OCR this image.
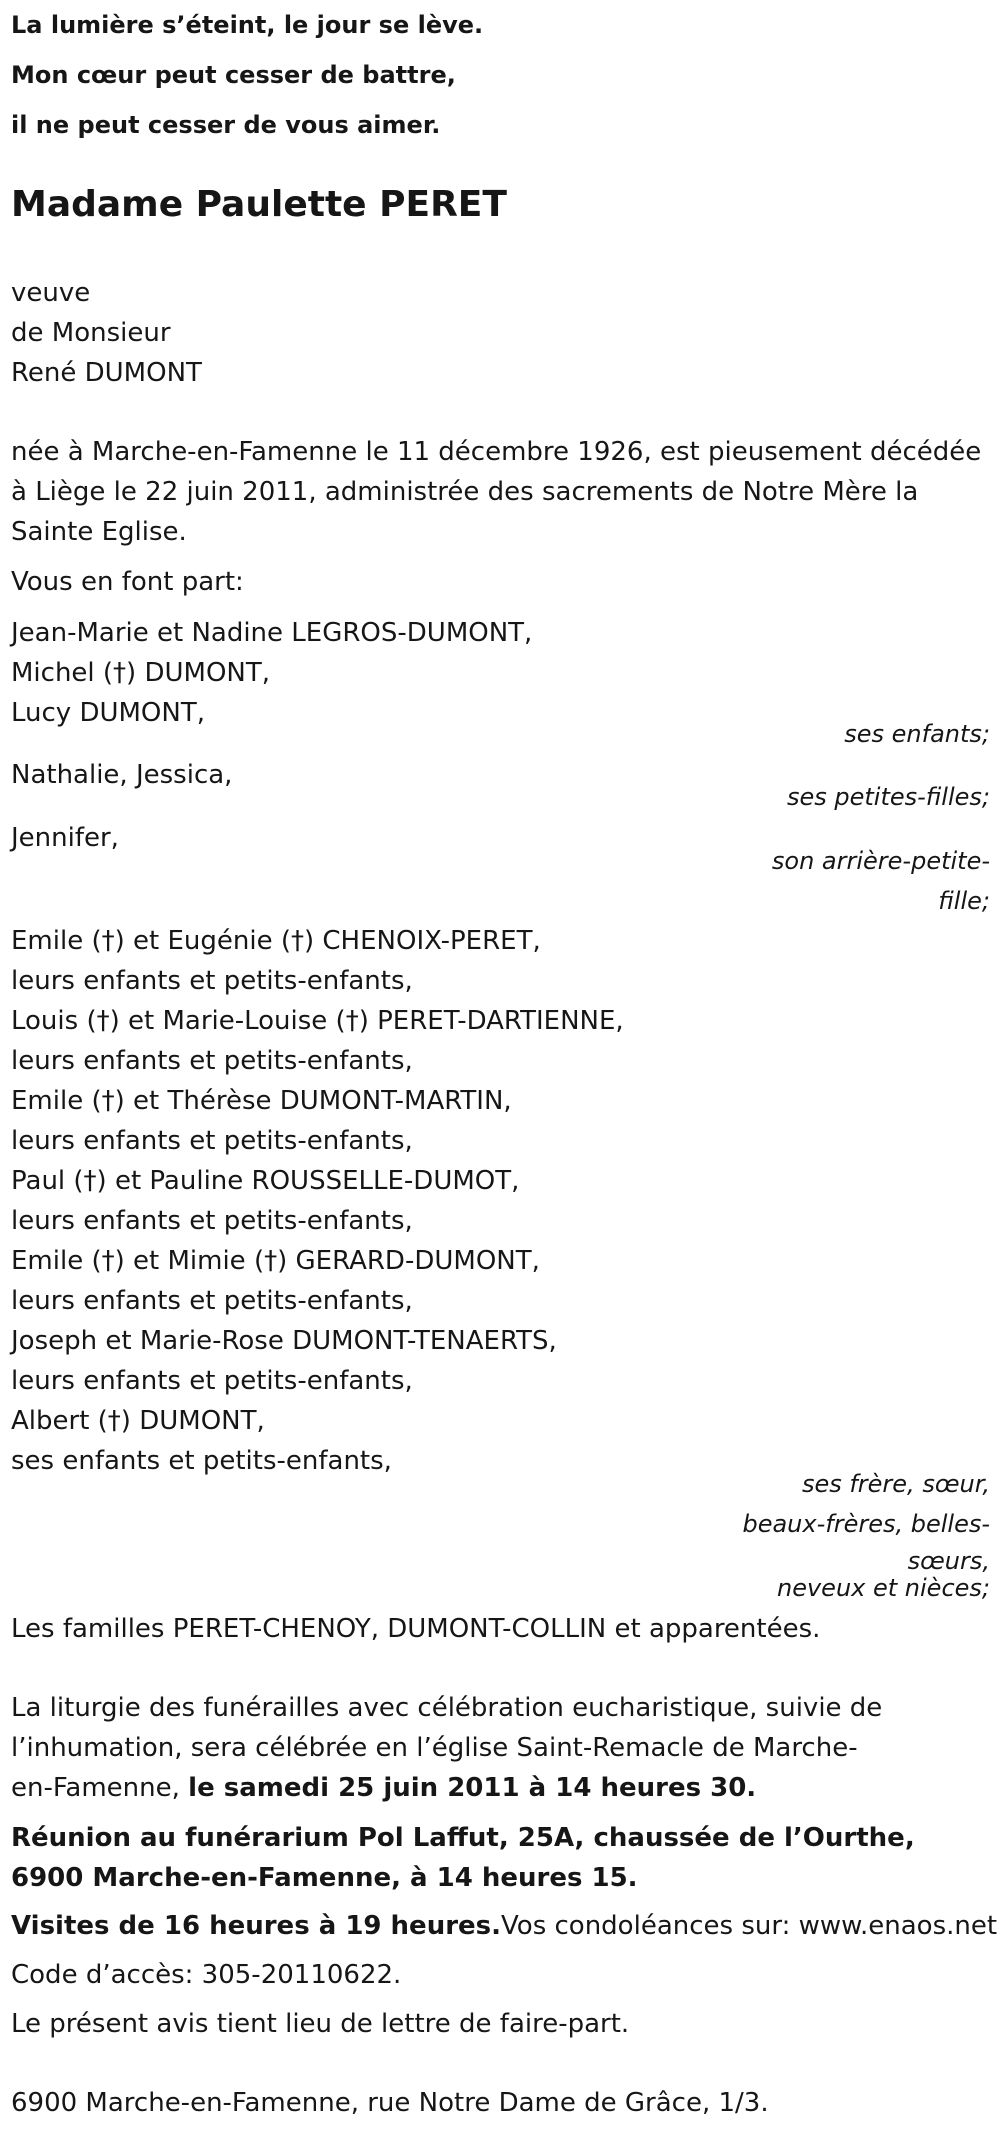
La lumière s’éteint, le jour se lève.
Mon cœur peut cesser de battre,
il ne peut cesser de vous aimer.
Madame Paulette PERET
veuve
de Monsieur
René DUMONT
née à Marche-en-Famenne le 11 décembre 1926, est pieusement décédée à Liège le 22 juin 2011, administrée des sacrements de Notre Mère la Sainte Eglise.
Vous en font part:
Jean-Marie et Nadine LEGROS-DUMONT,
Michel (†) DUMONT,
Lucy DUMONT,
ses enfants;
Nathalie, Jessica,
ses petites-filles;
Jennifer,
son arrière-petite-
fille;
Emile (†) et Eugénie (†) CHENOIX-PERET,
leurs enfants et petits-enfants,
Louis (†) et Marie-Louise (†) PERET-DARTIENNE,
leurs enfants et petits-enfants,
Emile (†) et Thérèse DUMONT-MARTIN,
leurs enfants et petits-enfants,
Paul (†) et Pauline ROUSSELLE-DUMOT,
leurs enfants et petits-enfants,
Emile (†) et Mimie (†) GERARD-DUMONT,
leurs enfants et petits-enfants,
Joseph et Marie-Rose DUMONT-TENAERTS,
leurs enfants et petits-enfants,
Albert (†) DUMONT,
ses enfants et petits-enfants,
ses frère, sœur,
beaux-frères, belles-
sœurs,
neveux et nièces;
Les familles PERET-CHENOY, DUMONT-COLLIN et apparentées.
La liturgie des funérailles avec célébration eucharistique, suivie de l’inhumation, sera célébrée en l’église Saint-Remacle de Marche-en-Famenne, le samedi 25 juin 2011 à 14 heures 30.
Réunion au funérarium Pol Laffut, 25A, chaussée de l’Ourthe, 6900 Marche-en-Famenne, à 14 heures 15.
Visites de 16 heures à 19 heures.Vos condoléances sur: www.enaos.net
Code d’accès: 305-20110622.
Le présent avis tient lieu de lettre de faire-part.
6900 Marche-en-Famenne, rue Notre Dame de Grâce, 1/3.
